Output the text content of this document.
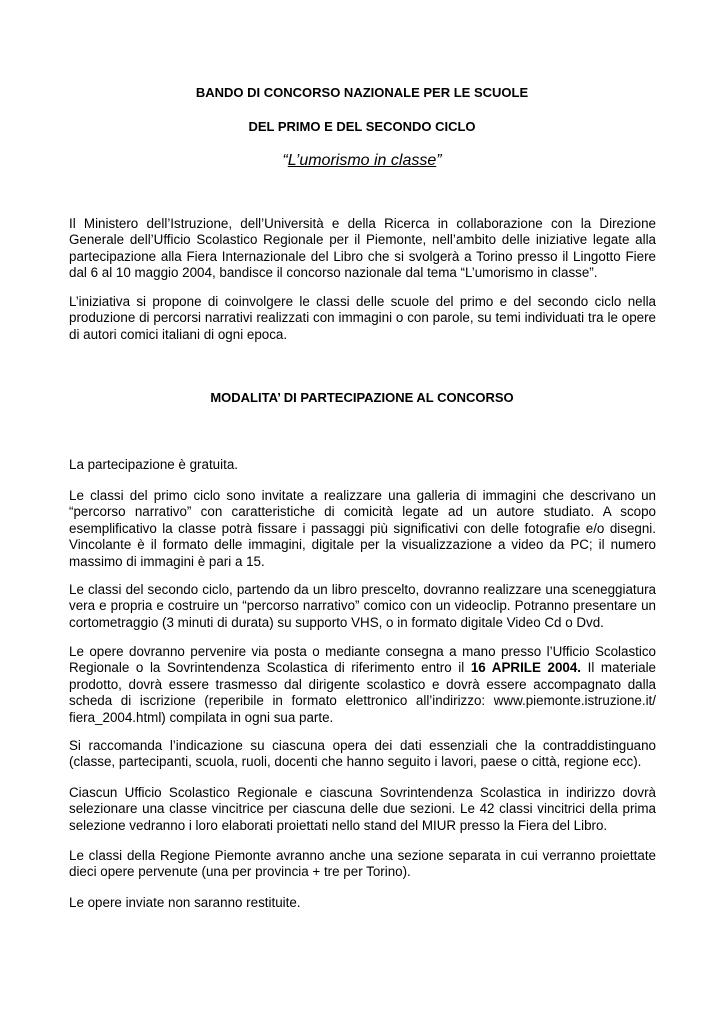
BANDO DI CONCORSO NAZIONALE PER LE SCUOLE
DEL PRIMO E DEL SECONDO CICLO
“L’umorismo in classe”

Il Ministero dell’Istruzione, dell’Università e della Ricerca in collaborazione con la Direzione Generale dell’Ufficio Scolastico Regionale per il Piemonte, nell’ambito delle iniziative legate alla partecipazione alla Fiera Internazionale del Libro che si svolgerà a Torino presso il Lingotto Fiere dal 6 al 10 maggio 2004, bandisce il concorso nazionale dal tema “L’umorismo in classe”.

L’iniziativa si propone di coinvolgere le classi delle scuole del primo e del secondo ciclo nella produzione di percorsi narrativi realizzati con immagini o con parole, su temi individuati tra le opere di autori comici italiani di ogni epoca.

MODALITA’ DI PARTECIPAZIONE AL CONCORSO

La partecipazione è gratuita.

Le classi del primo ciclo sono invitate a realizzare una galleria di immagini che descrivano un “percorso narrativo” con caratteristiche di comicità legate ad un autore studiato. A scopo esemplificativo la classe potrà fissare i passaggi più significativi con delle fotografie e/o disegni. Vincolante è il formato delle immagini, digitale per la visualizzazione a video da PC; il numero massimo di immagini è pari a 15.

Le classi del secondo ciclo, partendo da un libro prescelto, dovranno realizzare una sceneggiatura vera e propria e costruire un “percorso narrativo” comico con un videoclip. Potranno presentare un cortometraggio (3 minuti di durata) su supporto VHS, o in formato digitale Video Cd o Dvd.

Le opere dovranno pervenire via posta o mediante consegna a mano presso l’Ufficio Scolastico Regionale o la Sovrintendenza Scolastica di riferimento entro il 16 APRILE 2004. Il materiale prodotto, dovrà essere trasmesso dal dirigente scolastico e dovrà essere accompagnato dalla scheda di iscrizione (reperibile in formato elettronico all’indirizzo: www.piemonte.istruzione.it/ fiera_2004.html) compilata in ogni sua parte.

Si raccomanda l’indicazione su ciascuna opera dei dati essenziali che la contraddistinguano (classe, partecipanti, scuola, ruoli, docenti che hanno seguito i lavori, paese o città, regione ecc).

Ciascun Ufficio Scolastico Regionale e ciascuna Sovrintendenza Scolastica in indirizzo dovrà selezionare una classe vincitrice per ciascuna delle due sezioni. Le 42 classi vincitrici della prima selezione vedranno i loro elaborati proiettati nello stand del MIUR presso la Fiera del Libro.

Le classi della Regione Piemonte avranno anche una sezione separata in cui verranno proiettate dieci opere pervenute (una per provincia + tre per Torino).

Le opere inviate non saranno restituite.
